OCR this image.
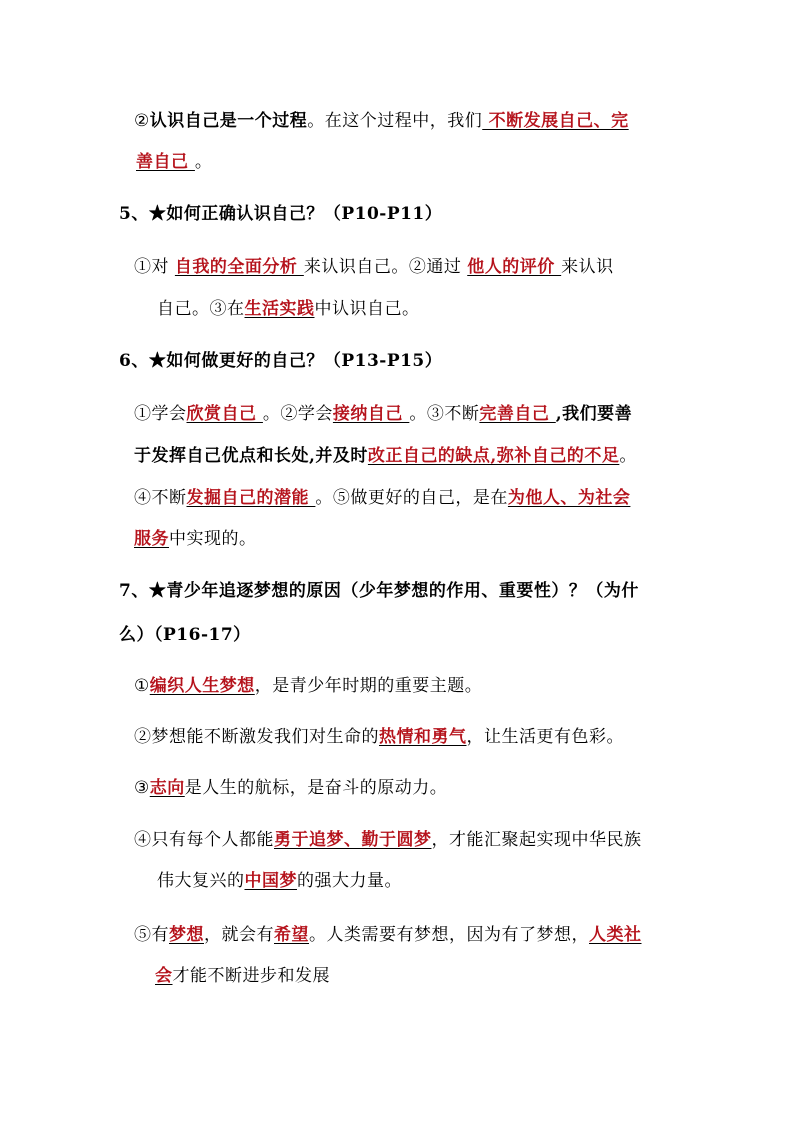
②认识自己是一个过程。在这个过程中，我们 不断发展自己、完
善自己 。
5、★如何正确认识自己？（P10-P11）
①对 自我的全面分析 来认识自己。②通过 他人的评价 来认识
自己。③在生活实践中认识自己。
6、★如何做更好的自己？（P13-P15）
①学会欣赏自己 。②学会接纳自己 。③不断完善自己 ,我们要善
于发挥自己优点和长处,并及时改正自己的缺点,弥补自己的不足。
④不断发掘自己的潜能 。⑤做更好的自己，是在为他人、为社会
服务中实现的。
7、★青少年追逐梦想的原因（少年梦想的作用、重要性）？（为什
么）（P16-17）
①编织人生梦想，是青少年时期的重要主题。
②梦想能不断激发我们对生命的热情和勇气，让生活更有色彩。
③志向是人生的航标，是奋斗的原动力。
④只有每个人都能勇于追梦、勤于圆梦，才能汇聚起实现中华民族
伟大复兴的中国梦的强大力量。
⑤有梦想，就会有希望。人类需要有梦想，因为有了梦想，人类社
会才能不断进步和发展
